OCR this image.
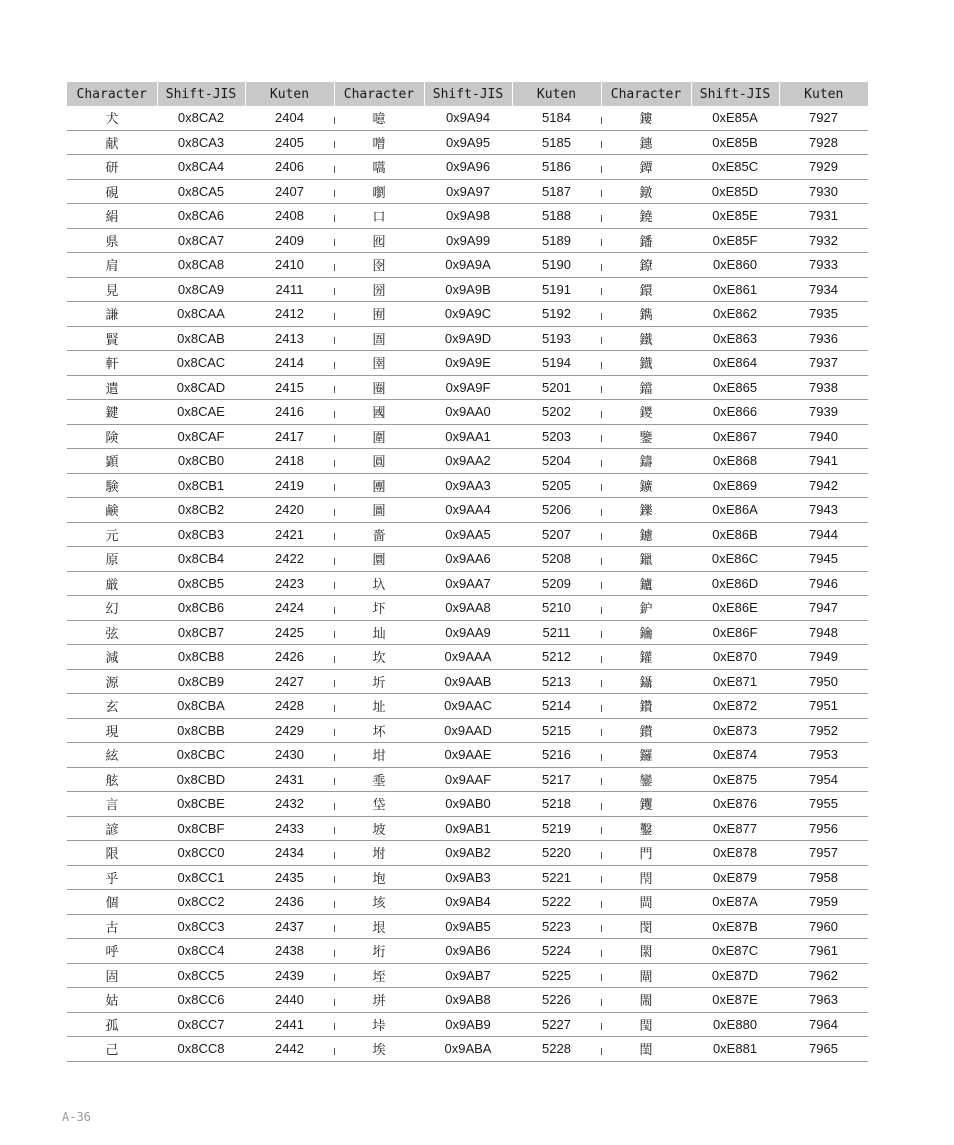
Character	Shift-JIS	Kuten	Character	Shift-JIS	Kuten	Character	Shift-JIS	Kuten
犬	0x8CA2	2404	噫	0x9A94	5184	鏤	0xE85A	7927
献	0x8CA3	2405	噌	0x9A95	5185	鏸	0xE85B	7928
研	0x8CA4	2406	嚆	0x9A96	5186	鐔	0xE85C	7929
硯	0x8CA5	2407	嚠	0x9A97	5187	鐓	0xE85D	7930
絹	0x8CA6	2408	口	0x9A98	5188	鐃	0xE85E	7931
県	0x8CA7	2409	囮	0x9A99	5189	鐇	0xE85F	7932
肩	0x8CA8	2410	囹	0x9A9A	5190	鐐	0xE860	7933
見	0x8CA9	2411	圀	0x9A9B	5191	鐶	0xE861	7934
謙	0x8CAA	2412	囿	0x9A9C	5192	鐫	0xE862	7935
賢	0x8CAB	2413	圄	0x9A9D	5193	鐵	0xE863	7936
軒	0x8CAC	2414	圉	0x9A9E	5194	鐡	0xE864	7937
遣	0x8CAD	2415	圈	0x9A9F	5201	鐺	0xE865	7938
鍵	0x8CAE	2416	國	0x9AA0	5202	鑁	0xE866	7939
険	0x8CAF	2417	圍	0x9AA1	5203	鑒	0xE867	7940
顕	0x8CB0	2418	圓	0x9AA2	5204	鑄	0xE868	7941
験	0x8CB1	2419	團	0x9AA3	5205	鑛	0xE869	7942
鹸	0x8CB2	2420	圖	0x9AA4	5206	鑠	0xE86A	7943
元	0x8CB3	2421	嗇	0x9AA5	5207	鑢	0xE86B	7944
原	0x8CB4	2422	圜	0x9AA6	5208	鑞	0xE86C	7945
厳	0x8CB5	2423	圦	0x9AA7	5209	鑪	0xE86D	7946
幻	0x8CB6	2424	圷	0x9AA8	5210	鈩	0xE86E	7947
弦	0x8CB7	2425	圸	0x9AA9	5211	鑰	0xE86F	7948
減	0x8CB8	2426	坎	0x9AAA	5212	鑵	0xE870	7949
源	0x8CB9	2427	圻	0x9AAB	5213	鑷	0xE871	7950
玄	0x8CBA	2428	址	0x9AAC	5214	鑽	0xE872	7951
現	0x8CBB	2429	坏	0x9AAD	5215	鑚	0xE873	7952
絃	0x8CBC	2430	坩	0x9AAE	5216	鑼	0xE874	7953
舷	0x8CBD	2431	埀	0x9AAF	5217	鑾	0xE875	7954
言	0x8CBE	2432	垈	0x9AB0	5218	钁	0xE876	7955
諺	0x8CBF	2433	坡	0x9AB1	5219	鑿	0xE877	7956
限	0x8CC0	2434	坿	0x9AB2	5220	門	0xE878	7957
乎	0x8CC1	2435	垉	0x9AB3	5221	閇	0xE879	7958
個	0x8CC2	2436	垓	0x9AB4	5222	閊	0xE87A	7959
古	0x8CC3	2437	垠	0x9AB5	5223	閔	0xE87B	7960
呼	0x8CC4	2438	垳	0x9AB6	5224	閖	0xE87C	7961
固	0x8CC5	2439	垤	0x9AB7	5225	閘	0xE87D	7962
姑	0x8CC6	2440	垪	0x9AB8	5226	閙	0xE87E	7963
孤	0x8CC7	2441	垰	0x9AB9	5227	閠	0xE880	7964
己	0x8CC8	2442	埃	0x9ABA	5228	閨	0xE881	7965
A-36
